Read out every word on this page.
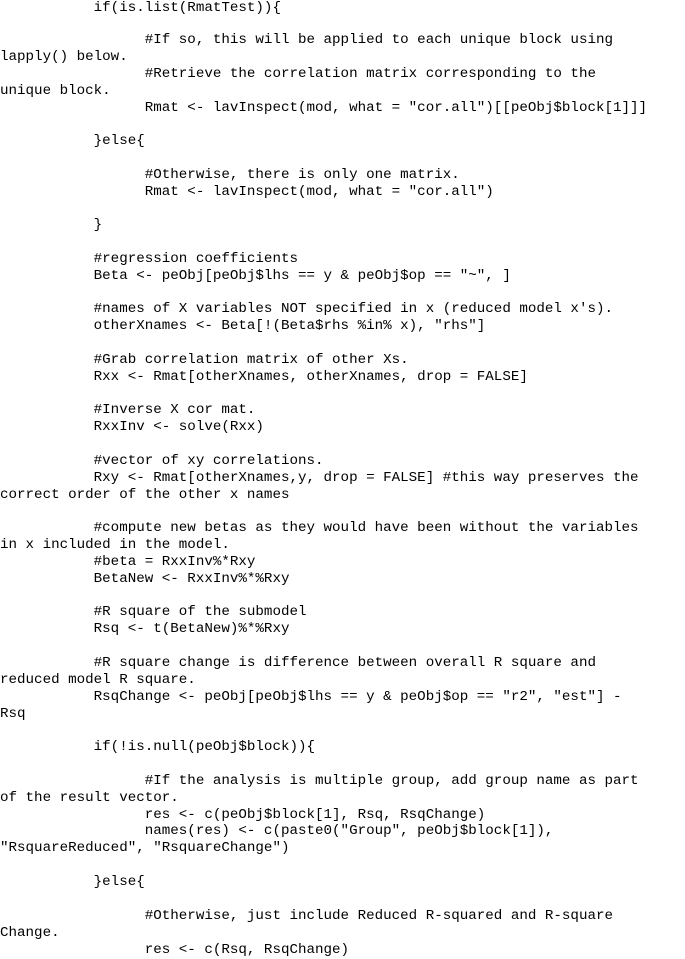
if(is.list(RmatTest)){
#If so, this will be applied to each unique block using
lapply() below.
#Retrieve the correlation matrix corresponding to the
unique block.
Rmat <- lavInspect(mod, what = "cor.all")[[peObj$block[1]]]
}else{
#Otherwise, there is only one matrix.
Rmat <- lavInspect(mod, what = "cor.all")
}
#regression coefficients
Beta <- peObj[peObj$lhs == y & peObj$op == "~", ]
#names of X variables NOT specified in x (reduced model x's).
otherXnames <- Beta[!(Beta$rhs %in% x), "rhs"]
#Grab correlation matrix of other Xs.
Rxx <- Rmat[otherXnames, otherXnames, drop = FALSE]
#Inverse X cor mat.
RxxInv <- solve(Rxx)
#vector of xy correlations.
Rxy <- Rmat[otherXnames,y, drop = FALSE] #this way preserves the
correct order of the other x names
#compute new betas as they would have been without the variables
in x included in the model.
#beta = RxxInv%*Rxy
BetaNew <- RxxInv%*%Rxy
#R square of the submodel
Rsq <- t(BetaNew)%*%Rxy
#R square change is difference between overall R square and
reduced model R square.
RsqChange <- peObj[peObj$lhs == y & peObj$op == "r2", "est"] -
Rsq
if(!is.null(peObj$block)){
#If the analysis is multiple group, add group name as part
of the result vector.
res <- c(peObj$block[1], Rsq, RsqChange)
names(res) <- c(paste0("Group", peObj$block[1]),
"RsquareReduced", "RsquareChange")
}else{
#Otherwise, just include Reduced R-squared and R-square
Change.
res <- c(Rsq, RsqChange)
